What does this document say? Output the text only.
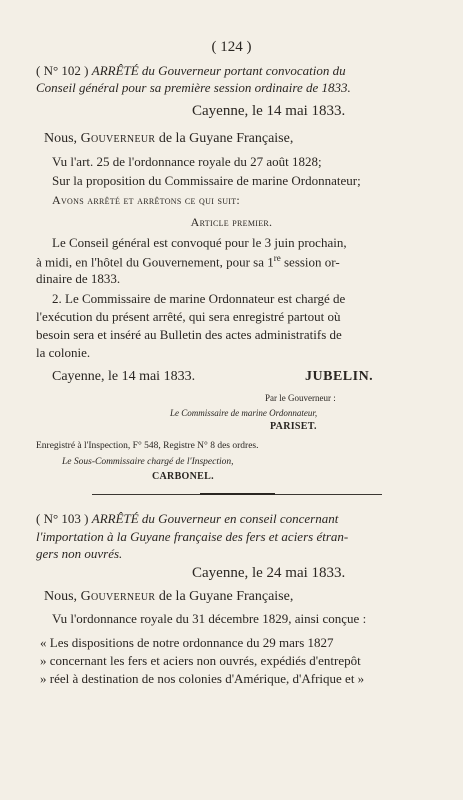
( 124 )
( N° 102 ) ARRÊTÉ du Gouverneur portant convocation du
Conseil général pour sa première session ordinaire de 1833.
Cayenne, le 14 mai 1833.
Nous, Gouverneur de la Guyane Française,
Vu l'art. 25 de l'ordonnance royale du 27 août 1828;
Sur la proposition du Commissaire de marine Ordonnateur;
Avons arrêté et arrêtons ce qui suit:
Article premier.
Le Conseil général est convoqué pour le 3 juin prochain,
à midi, en l'hôtel du Gouvernement, pour sa 1re session or-
dinaire de 1833.
2. Le Commissaire de marine Ordonnateur est chargé de
l'exécution du présent arrêté, qui sera enregistré partout où
besoin sera et inséré au Bulletin des actes administratifs de
la colonie.
Cayenne, le 14 mai 1833.	JUBELIN.
Par le Gouverneur :
Le Commissaire de marine Ordonnateur,
PARISET.
Enregistré à l'Inspection, F° 548, Registre N° 8 des ordres.
Le Sous-Commissaire chargé de l'Inspection,
CARBONEL.
( N° 103 ) ARRÊTÉ du Gouverneur en conseil concernant
l'importation à la Guyane française des fers et aciers étran-
gers non ouvrés.
Cayenne, le 24 mai 1833.
Nous, Gouverneur de la Guyane Française,
Vu l'ordonnance royale du 31 décembre 1829, ainsi conçue :
« Les dispositions de notre ordonnance du 29 mars 1827
» concernant les fers et aciers non ouvrés, expédiés d'entrepôt
» réel à destination de nos colonies d'Amérique, d'Afrique et »
